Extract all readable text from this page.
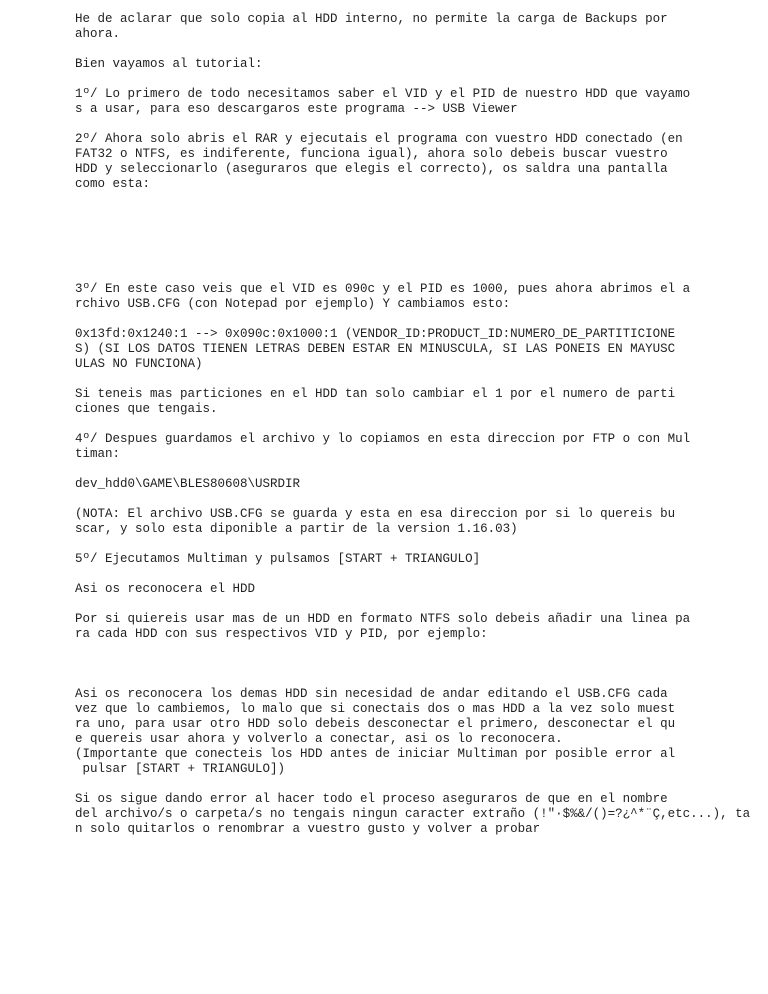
He de aclarar que solo copia al HDD interno, no permite la carga de Backups por
ahora.
Bien vayamos al tutorial:
1º/ Lo primero de todo necesitamos saber el VID y el PID de nuestro HDD que vayamo
s a usar, para eso descargaros este programa --> USB Viewer
2º/ Ahora solo abris el RAR y ejecutais el programa con vuestro HDD conectado (en
FAT32 o NTFS, es indiferente, funciona igual), ahora solo debeis buscar vuestro
HDD y seleccionarlo (aseguraros que elegis el correcto), os saldra una pantalla
como esta:
3º/ En este caso veis que el VID es 090c y el PID es 1000, pues ahora abrimos el a
rchivo USB.CFG (con Notepad por ejemplo) Y cambiamos esto:
0x13fd:0x1240:1 --> 0x090c:0x1000:1 (VENDOR_ID:PRODUCT_ID:NUMERO_DE_PARTITICIONE
S) (SI LOS DATOS TIENEN LETRAS DEBEN ESTAR EN MINUSCULA, SI LAS PONEIS EN MAYUSC
ULAS NO FUNCIONA)
Si teneis mas particiones en el HDD tan solo cambiar el 1 por el numero de parti
ciones que tengais.
4º/ Despues guardamos el archivo y lo copiamos en esta direccion por FTP o con Mul
timan:
dev_hdd0\GAME\BLES80608\USRDIR
(NOTA: El archivo USB.CFG se guarda y esta en esa direccion por si lo quereis bu
scar, y solo esta diponible a partir de la version 1.16.03)
5º/ Ejecutamos Multiman y pulsamos [START + TRIANGULO]
Asi os reconocera el HDD
Por si quiereis usar mas de un HDD en formato NTFS solo debeis añadir una linea pa
ra cada HDD con sus respectivos VID y PID, por ejemplo:
Asi os reconocera los demas HDD sin necesidad de andar editando el USB.CFG cada
vez que lo cambiemos, lo malo que si conectais dos o mas HDD a la vez solo muest
ra uno, para usar otro HDD solo debeis desconectar el primero, desconectar el qu
e quereis usar ahora y volverlo a conectar, asi os lo reconocera.
(Importante que conecteis los HDD antes de iniciar Multiman por posible error al
pulsar [START + TRIANGULO])
Si os sigue dando error al hacer todo el proceso aseguraros de que en el nombre
del archivo/s o carpeta/s no tengais ningun caracter extraño (!"·$%&/()=?¿^*¨Ç,etc...), ta
n solo quitarlos o renombrar a vuestro gusto y volver a probar
